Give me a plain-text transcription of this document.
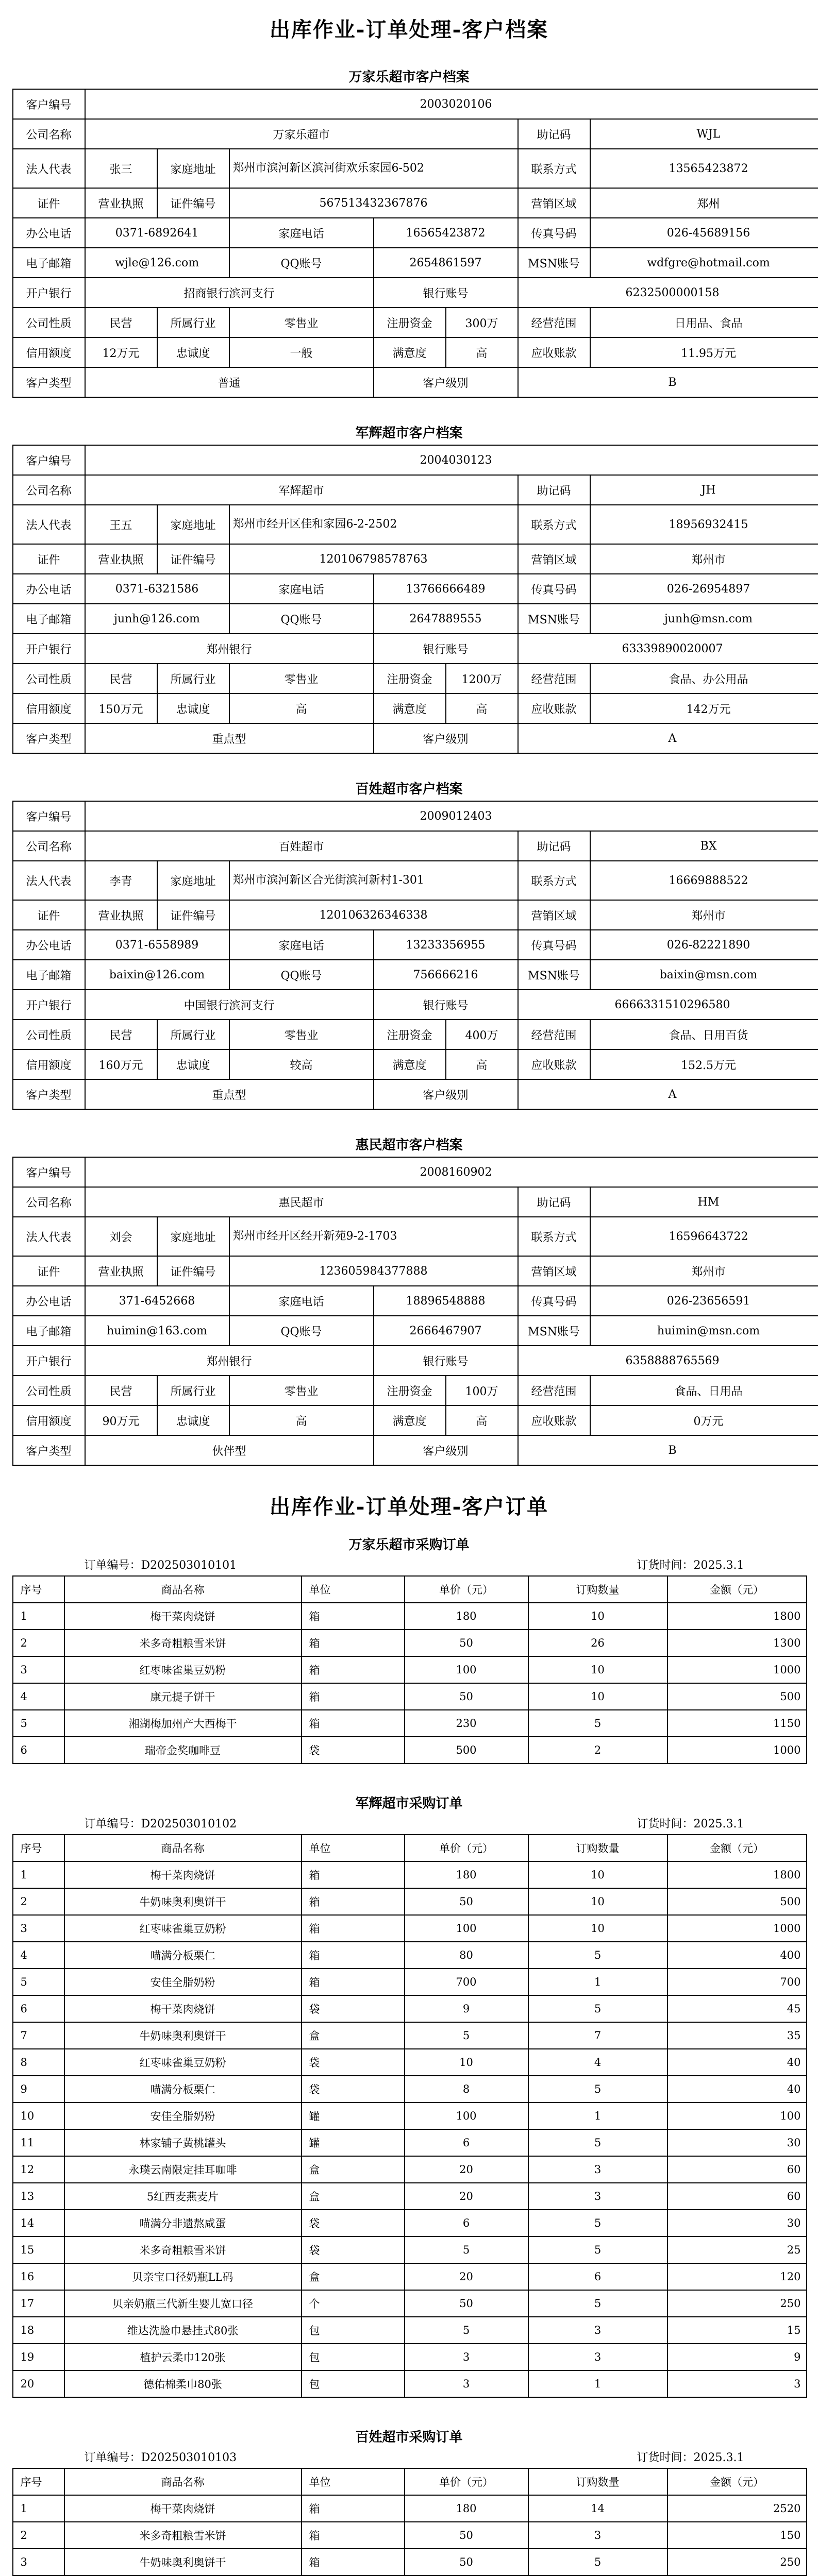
出库作业-订单处理-客户档案
万家乐超市客户档案
客户编号	2003020106						
公司名称	万家乐超市					助记码	WJL
法人代表	张三	家庭地址	郑州市滨河新区滨河街欢乐家园6-502			联系方式	13565423872
证件	营业执照	证件编号	567513432367876			营销区域	郑州
办公电话	0371-6892641		家庭电话	16565423872		传真号码	026-45689156
电子邮箱	wjle@126.com		QQ账号	2654861597		MSN账号	wdfgre@hotmail.com
开户银行	招商银行滨河支行			银行账号		6232500000158	
公司性质	民营	所属行业	零售业	注册资金	300万	经营范围	日用品、食品
信用额度	12万元	忠诚度	一般	满意度	高	应收账款	11.95万元
客户类型	普通			客户级别		B	
军辉超市客户档案
客户编号	2004030123						
公司名称	军辉超市					助记码	JH
法人代表	王五	家庭地址	郑州市经开区佳和家园6-2-2502			联系方式	18956932415
证件	营业执照	证件编号	120106798578763			营销区域	郑州市
办公电话	0371-6321586		家庭电话	13766666489		传真号码	026-26954897
电子邮箱	junh@126.com		QQ账号	2647889555		MSN账号	junh@msn.com
开户银行	郑州银行			银行账号		63339890020007	
公司性质	民营	所属行业	零售业	注册资金	1200万	经营范围	食品、办公用品
信用额度	150万元	忠诚度	高	满意度	高	应收账款	142万元
客户类型	重点型			客户级别		A	
百姓超市客户档案
客户编号	2009012403						
公司名称	百姓超市					助记码	BX
法人代表	李青	家庭地址	郑州市滨河新区合光街滨河新村1-301			联系方式	16669888522
证件	营业执照	证件编号	120106326346338			营销区域	郑州市
办公电话	0371-6558989		家庭电话	13233356955		传真号码	026-82221890
电子邮箱	baixin@126.com		QQ账号	756666216		MSN账号	baixin@msn.com
开户银行	中国银行滨河支行			银行账号		6666331510296580	
公司性质	民营	所属行业	零售业	注册资金	400万	经营范围	食品、日用百货
信用额度	160万元	忠诚度	较高	满意度	高	应收账款	152.5万元
客户类型	重点型			客户级别		A	
惠民超市客户档案
客户编号	2008160902						
公司名称	惠民超市					助记码	HM
法人代表	刘会	家庭地址	郑州市经开区经开新苑9-2-1703			联系方式	16596643722
证件	营业执照	证件编号	123605984377888			营销区域	郑州市
办公电话	371-6452668		家庭电话	18896548888		传真号码	026-23656591
电子邮箱	huimin@163.com		QQ账号	2666467907		MSN账号	huimin@msn.com
开户银行	郑州银行			银行账号		6358888765569	
公司性质	民营	所属行业	零售业	注册资金	100万	经营范围	食品、日用品
信用额度	90万元	忠诚度	高	满意度	高	应收账款	0万元
客户类型	伙伴型			客户级别		B	
出库作业-订单处理-客户订单
万家乐超市采购订单
订单编号：D202503010101	订货时间：2025.3.1
序号	商品名称	单位	单价（元）	订购数量	金额（元）
1	梅干菜肉烧饼	箱	180	10	1800
2	米多奇粗粮雪米饼	箱	50	26	1300
3	红枣味雀巢豆奶粉	箱	100	10	1000
4	康元提子饼干	箱	50	10	500
5	湘湖梅加州产大西梅干	箱	230	5	1150
6	瑞帝金奖咖啡豆	袋	500	2	1000
军辉超市采购订单
订单编号：D202503010102	订货时间：2025.3.1
序号	商品名称	单位	单价（元）	订购数量	金额（元）
1	梅干菜肉烧饼	箱	180	10	1800
2	牛奶味奥利奥饼干	箱	50	10	500
3	红枣味雀巢豆奶粉	箱	100	10	1000
4	喵满分板栗仁	箱	80	5	400
5	安佳全脂奶粉	箱	700	1	700
6	梅干菜肉烧饼	袋	9	5	45
7	牛奶味奥利奥饼干	盒	5	7	35
8	红枣味雀巢豆奶粉	袋	10	4	40
9	喵满分板栗仁	袋	8	5	40
10	安佳全脂奶粉	罐	100	1	100
11	林家铺子黄桃罐头	罐	6	5	30
12	永璞云南限定挂耳咖啡	盒	20	3	60
13	5红西麦燕麦片	盒	20	3	60
14	喵满分非遗熬咸蛋	袋	6	5	30
15	米多奇粗粮雪米饼	袋	5	5	25
16	贝亲宝口径奶瓶LL码	盒	20	6	120
17	贝亲奶瓶三代新生婴儿宽口径	个	50	5	250
18	维达洗脸巾悬挂式80张	包	5	3	15
19	植护云柔巾120张	包	3	3	9
20	德佑棉柔巾80张	包	3	1	3
百姓超市采购订单
订单编号：D202503010103	订货时间：2025.3.1
序号	商品名称	单位	单价（元）	订购数量	金额（元）
1	梅干菜肉烧饼	箱	180	14	2520
2	米多奇粗粮雪米饼	箱	50	3	150
3	牛奶味奥利奥饼干	箱	50	5	250
